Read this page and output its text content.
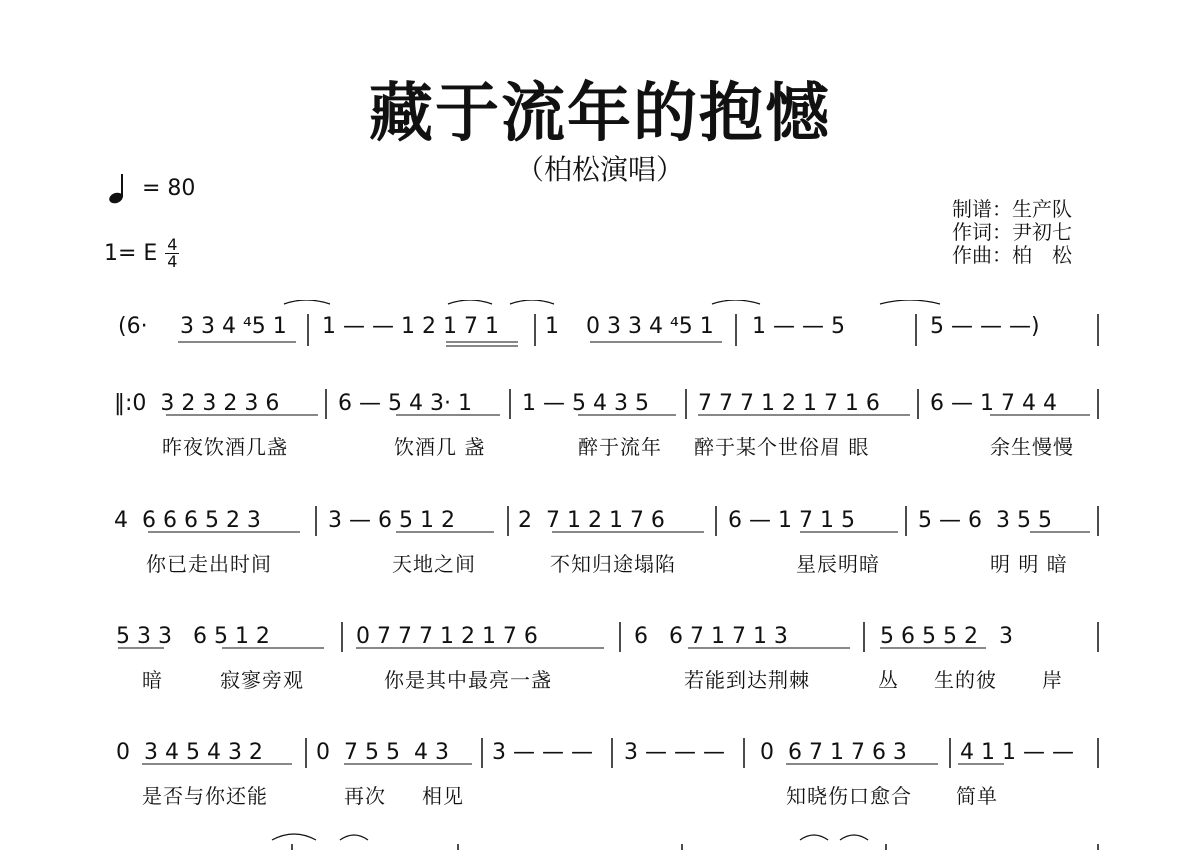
藏于流年的抱憾
（柏松演唱）
= 80
1= E 4
4
制谱：生产队
作词：尹初七
作曲：柏　松
(6· 3 3 4 ⁴5 1 1 — — 1 2 1 7 1 1 0 3 3 4 ⁴5 1 1 — — 5	5 — — —)
‖:0  3 2 3 2 3 6	6 — 5 4 3· 1 1 — 5 4 3 5 7 7 7 1 2 1 7 1 6 6 — 1 7 4 4
昨夜饮酒几盏	饮酒几 盏	醉于流年 醉于某个世俗眉 眼	余生慢慢
4  6 6 6 5 2 3	3 — 6 5 1 2	2  7 1 2 1 7 6	6 — 1 7 1 5	5 — 6  3 5 5
你已走出时间	天地之间	不知归途塌陷	星辰明暗	明 明 暗
5 3 3   6 5 1 2	0 7 7 7 1 2 1 7 6	6   6 7 1 7 1 3	5 6 5 5 2   3
暗	寂寥旁观	你是其中最亮一盏	若能到达荆棘	丛 生的彼 岸
0  3 4 5 4 3 2 0  7 5 5  4 3 3 — — — 3 — — — 0  6 7 1 7 6 3 4 1 1 — —
是否与你还能	再次 相见	知晓伤口愈合 简单
